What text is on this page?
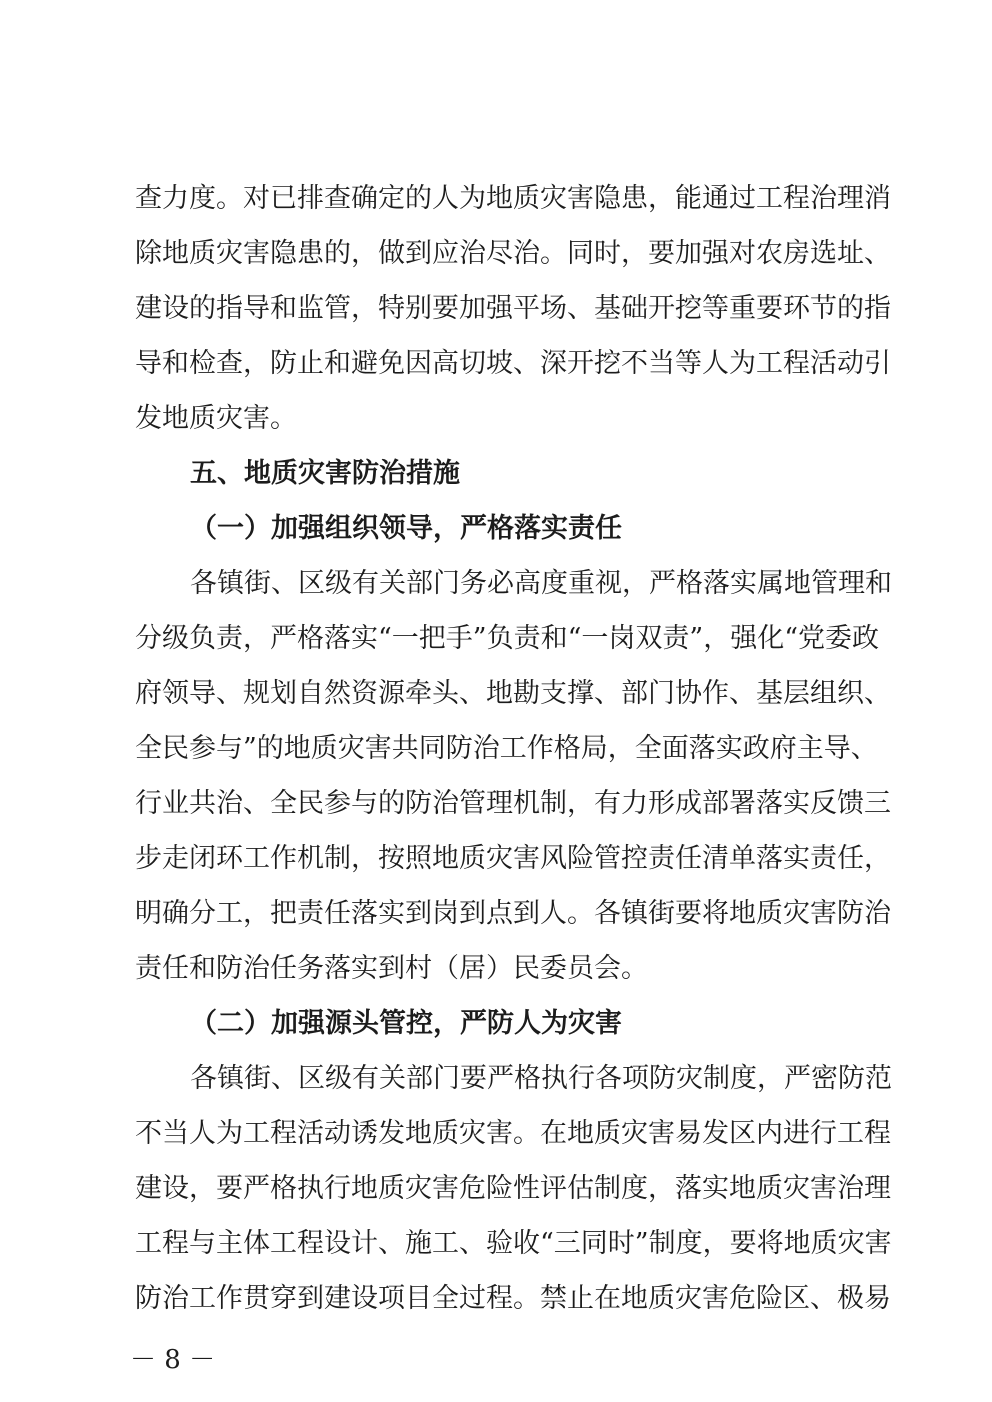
查力度。对已排查确定的人为地质灾害隐患，能通过工程治理消
除地质灾害隐患的，做到应治尽治。同时，要加强对农房选址、
建设的指导和监管，特别要加强平场、基础开挖等重要环节的指
导和检查，防止和避免因高切坡、深开挖不当等人为工程活动引
发地质灾害。
五、地质灾害防治措施
（一）加强组织领导，严格落实责任
各镇街、区级有关部门务必高度重视，严格落实属地管理和
分级负责，严格落实“一把手”负责和“一岗双责”，强化“党委政
府领导、规划自然资源牵头、地勘支撑、部门协作、基层组织、
全民参与”的地质灾害共同防治工作格局，全面落实政府主导、
行业共治、全民参与的防治管理机制，有力形成部署落实反馈三
步走闭环工作机制，按照地质灾害风险管控责任清单落实责任，
明确分工，把责任落实到岗到点到人。各镇街要将地质灾害防治
责任和防治任务落实到村（居）民委员会。
（二）加强源头管控，严防人为灾害
各镇街、区级有关部门要严格执行各项防灾制度，严密防范
不当人为工程活动诱发地质灾害。在地质灾害易发区内进行工程
建设，要严格执行地质灾害危险性评估制度，落实地质灾害治理
工程与主体工程设计、施工、验收“三同时”制度，要将地质灾害
防治工作贯穿到建设项目全过程。禁止在地质灾害危险区、极易
－ 8 －
